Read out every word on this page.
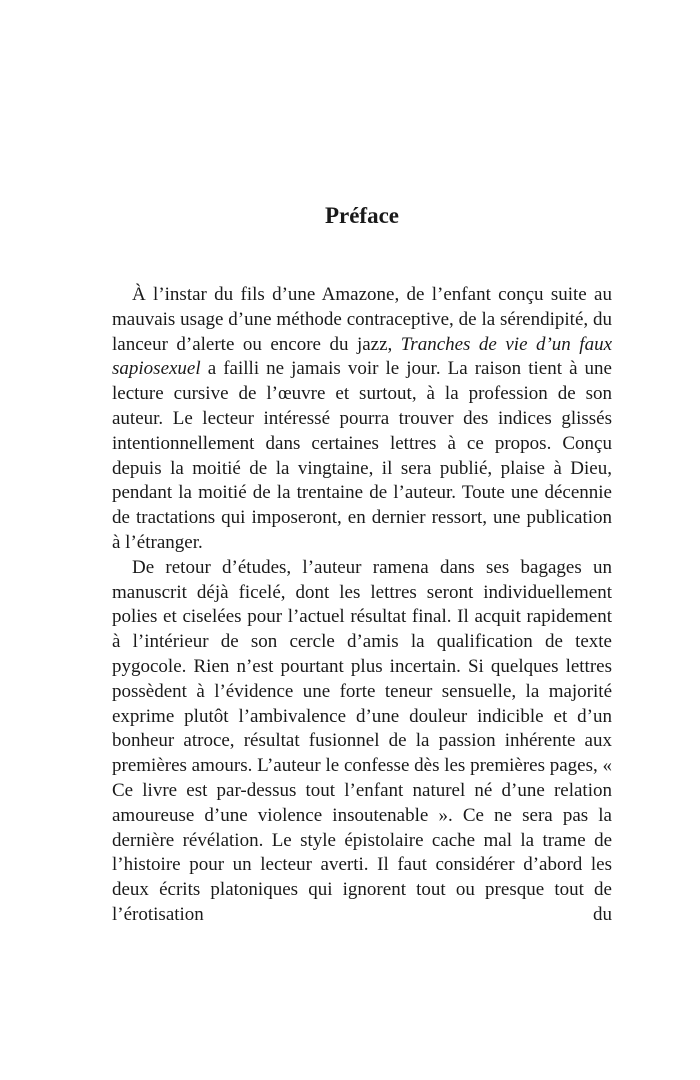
Préface

À l’instar du fils d’une Amazone, de l’enfant conçu suite au mauvais usage d’une méthode contraceptive, de la sérendipité, du lanceur d’alerte ou encore du jazz, Tranches de vie d’un faux sapiosexuel a failli ne jamais voir le jour. La raison tient à une lecture cursive de l’œuvre et surtout, à la profession de son auteur. Le lecteur intéressé pourra trouver des indices glissés intentionnellement dans certaines lettres à ce propos. Conçu depuis la moitié de la vingtaine, il sera publié, plaise à Dieu, pendant la moitié de la trentaine de l’auteur. Toute une décennie de tractations qui imposeront, en dernier ressort, une publication à l’étranger.

De retour d’études, l’auteur ramena dans ses bagages un manuscrit déjà ficelé, dont les lettres seront individuellement polies et ciselées pour l’actuel résultat final. Il acquit rapidement à l’intérieur de son cercle d’amis la qualification de texte pygocole. Rien n’est pourtant plus incertain. Si quelques lettres possèdent à l’évidence une forte teneur sensuelle, la majorité exprime plutôt l’ambivalence d’une douleur indicible et d’un bonheur atroce, résultat fusionnel de la passion inhérente aux premières amours. L’auteur le confesse dès les premières pages, « Ce livre est par-dessus tout l’enfant naturel né d’une relation amoureuse d’une violence insoutenable ». Ce ne sera pas la dernière révélation. Le style épistolaire cache mal la trame de l’histoire pour un lecteur averti. Il faut considérer d’abord les deux écrits platoniques qui ignorent tout ou presque tout de l’érotisation du
